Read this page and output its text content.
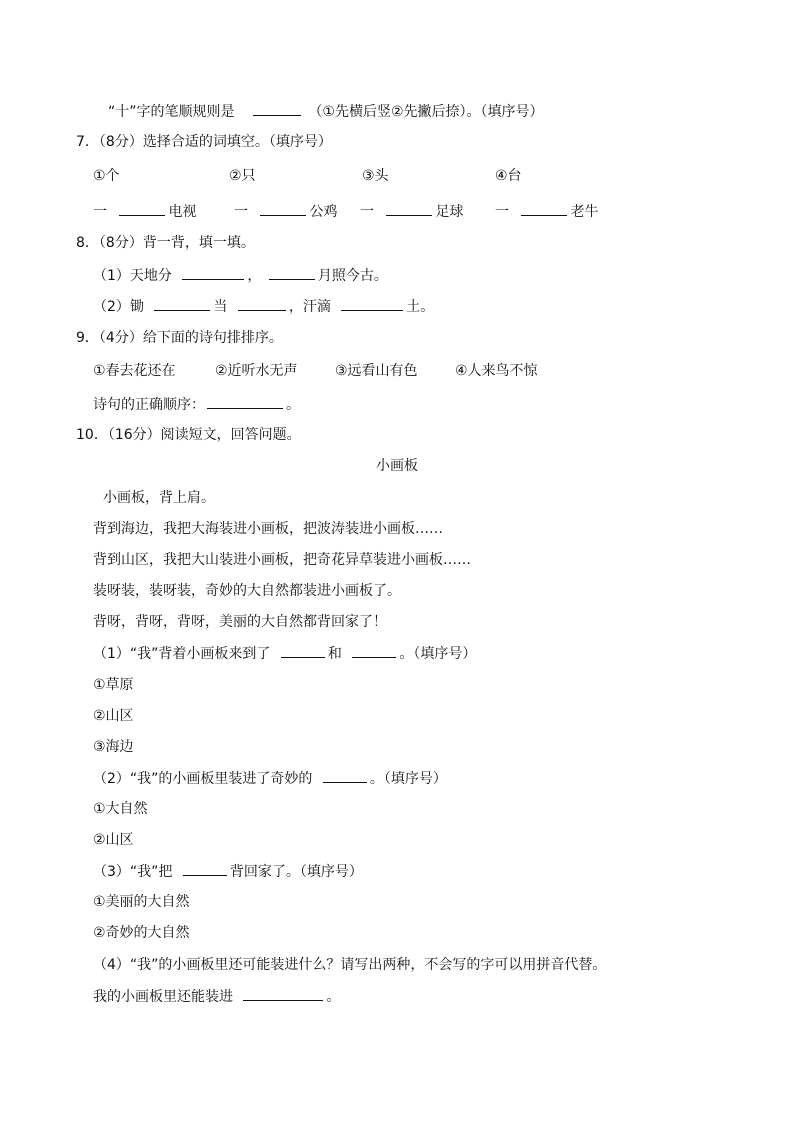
“十”字的笔顺规则是	（①先横后竖②先撇后捺）。（填序号）
7．（8分）选择合适的词填空。（填序号）
①个	②只	③头	④台
一	电视	一	公鸡 一	足球 一	老牛
8．（8分）背一背，填一填。
（1）天地分	，	月照今古。
（2）锄	当	，汗滴	土。
9．（4分）给下面的诗句排排序。
①春去花还在	②近听水无声	③远看山有色	④人来鸟不惊
诗句的正确顺序：	。
10．（16分）阅读短文，回答问题。
小画板
小画板，背上肩。
背到海边，我把大海装进小画板，把波涛装进小画板……
背到山区，我把大山装进小画板，把奇花异草装进小画板……
装呀装，装呀装，奇妙的大自然都装进小画板了。
背呀，背呀，背呀，美丽的大自然都背回家了！
（1）“我”背着小画板来到了	和	。（填序号）
①草原
②山区
③海边
（2）“我”的小画板里装进了奇妙的	。（填序号）
①大自然
②山区
（3）“我”把	背回家了。（填序号）
①美丽的大自然
②奇妙的大自然
（4）“我”的小画板里还可能装进什么？请写出两种，不会写的字可以用拼音代替。
我的小画板里还能装进	。
